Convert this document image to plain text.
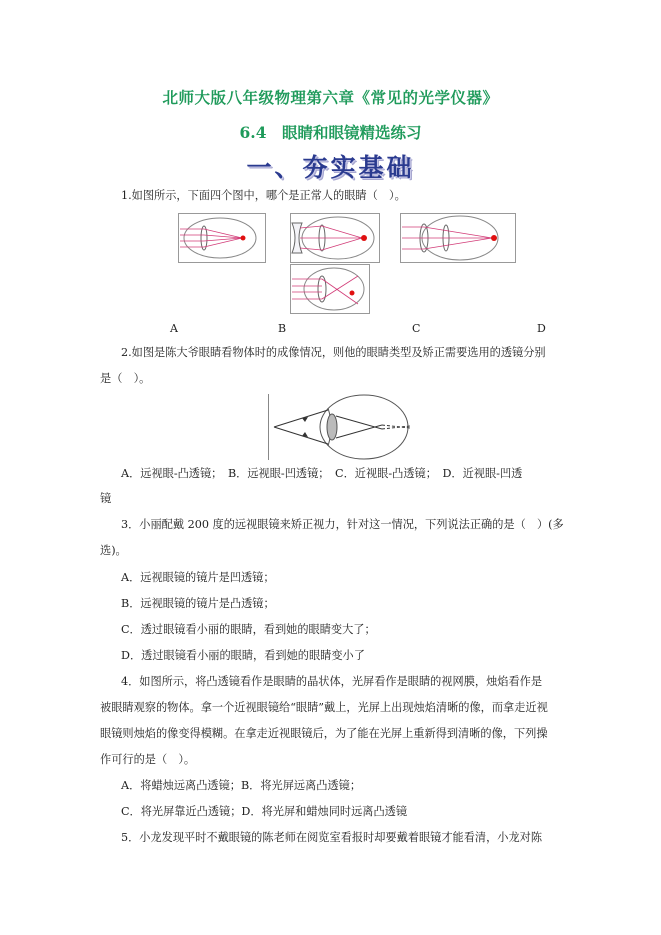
北师大版八年级物理第六章《常见的光学仪器》
6.4　眼睛和眼镜精选练习
一、夯实基础
1.如图所示，下面四个图中，哪个是正常人的眼睛（　）。
A	B	C	D
2.如图是陈大爷眼睛看物体时的成像情况，则他的眼睛类型及矫正需要选用的透镜分别
是（　）。
A．远视眼-凸透镜；　B．远视眼-凹透镜；　C．近视眼-凸透镜；　D．近视眼-凹透
镜
3．小丽配戴 200 度的远视眼镜来矫正视力，针对这一情况，下列说法正确的是（　）(多
选)。
A．远视眼镜的镜片是凹透镜；
B．远视眼镜的镜片是凸透镜；
C．透过眼镜看小丽的眼睛，看到她的眼睛变大了；
D．透过眼镜看小丽的眼睛，看到她的眼睛变小了
4．如图所示，将凸透镜看作是眼睛的晶状体，光屏看作是眼睛的视网膜，烛焰看作是
被眼睛观察的物体。拿一个近视眼镜给“眼睛”戴上，光屏上出现烛焰清晰的像，而拿走近视
眼镜则烛焰的像变得模糊。在拿走近视眼镜后，为了能在光屏上重新得到清晰的像，下列操
作可行的是（　）。
A．将蜡烛远离凸透镜；B．将光屏远离凸透镜；
C．将光屏靠近凸透镜；D．将光屏和蜡烛同时远离凸透镜
5．小龙发现平时不戴眼镜的陈老师在阅览室看报时却要戴着眼镜才能看清，小龙对陈
